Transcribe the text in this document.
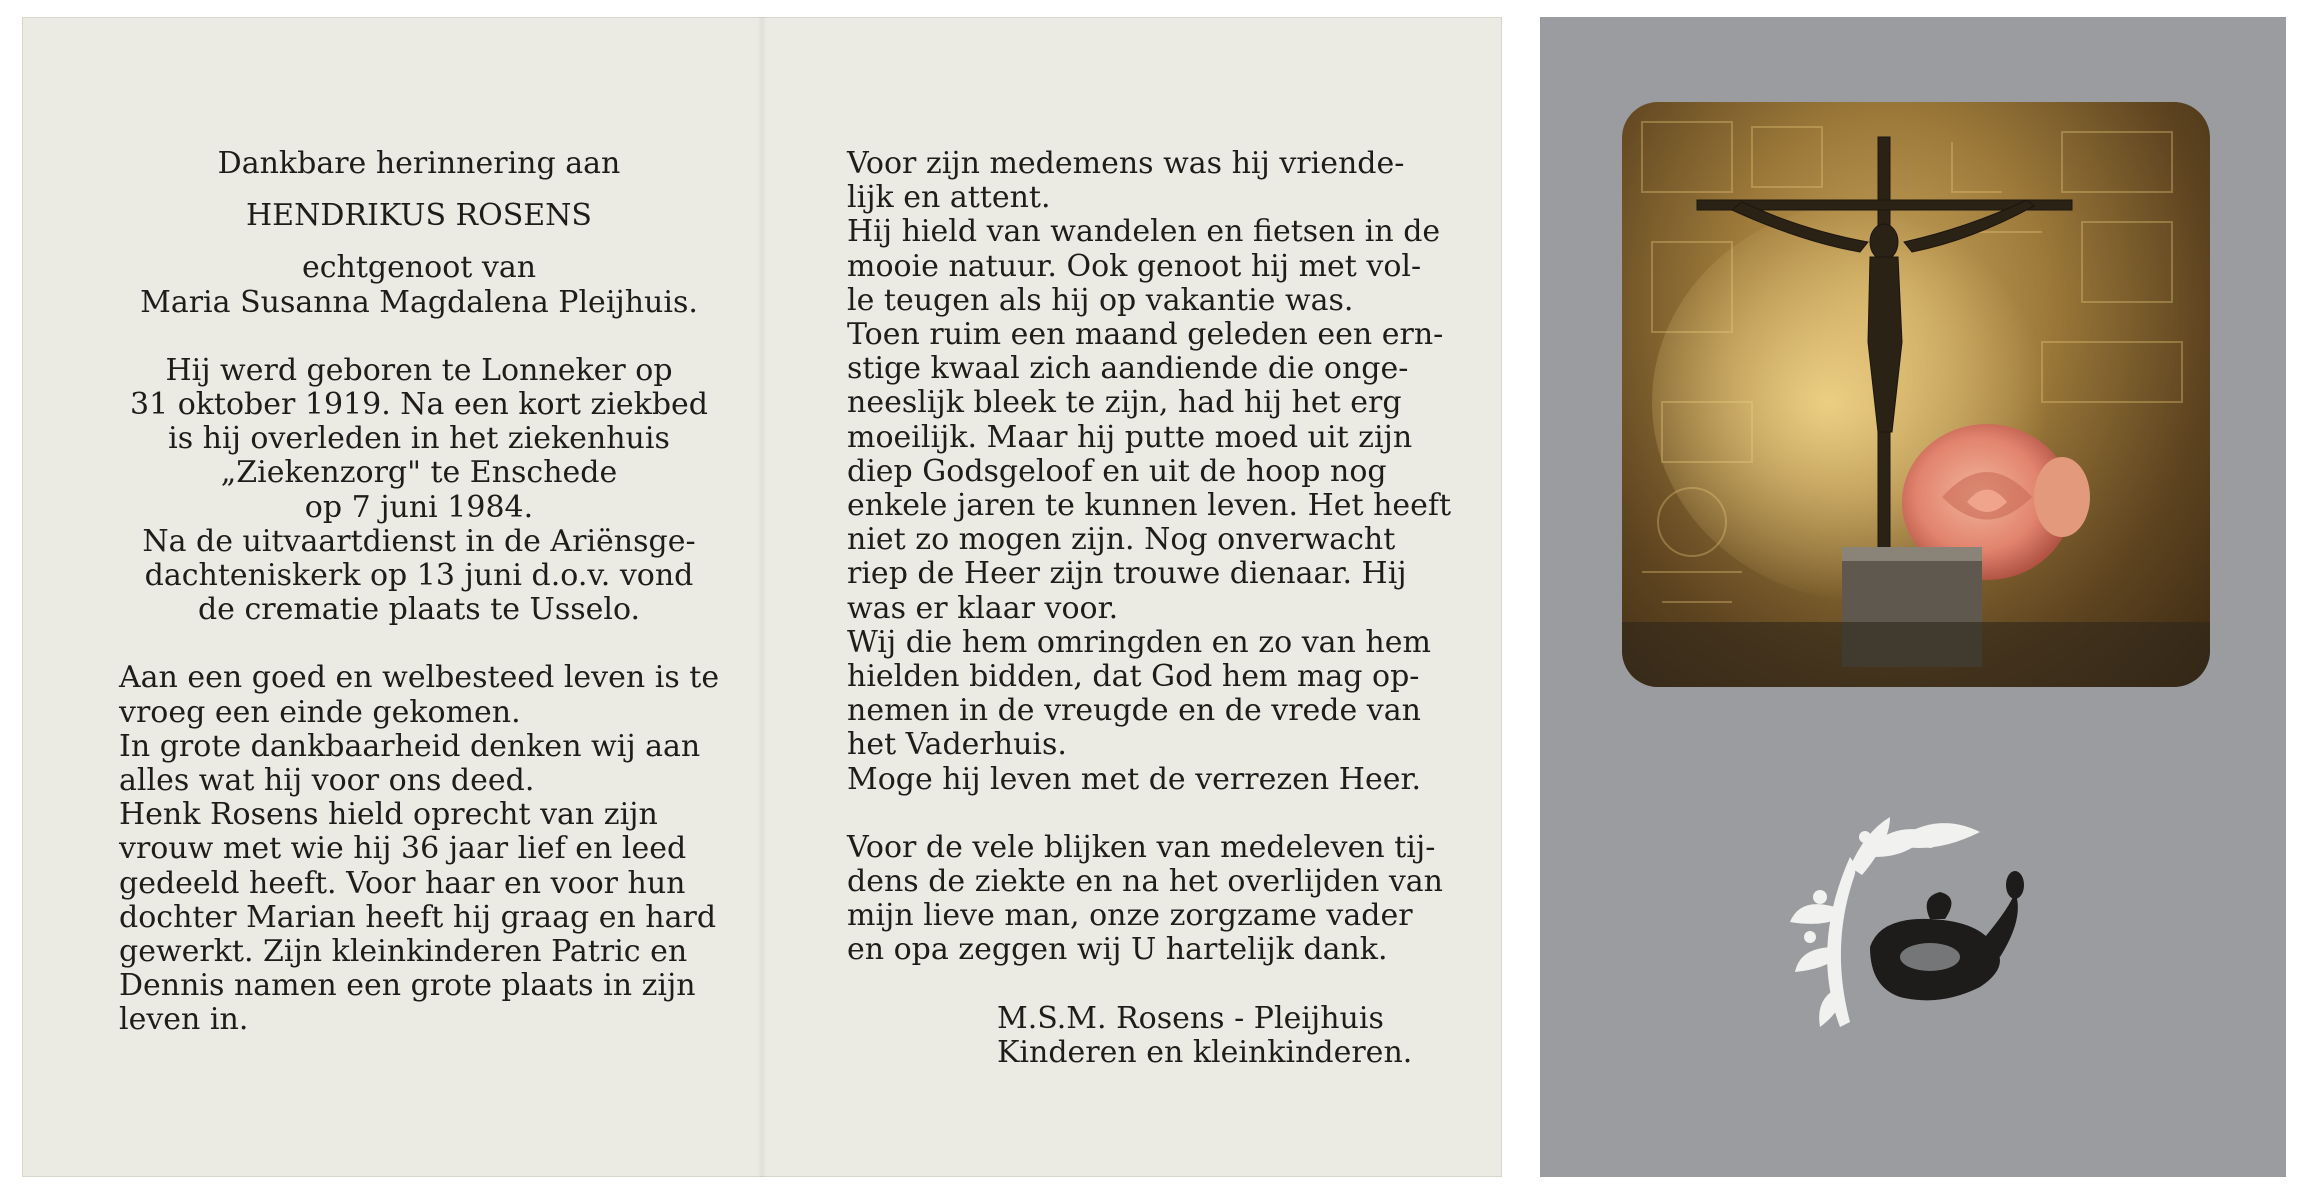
Dankbare herinnering aan
HENDRIKUS ROSENS
echtgenoot van
Maria Susanna Magdalena Pleijhuis.
Hij werd geboren te Lonneker op
31 oktober 1919. Na een kort ziekbed
is hij overleden in het ziekenhuis
„Ziekenzorg" te Enschede
op 7 juni 1984.
Na de uitvaartdienst in de Ariënsge-
dachteniskerk op 13 juni d.o.v. vond
de crematie plaats te Usselo.
Aan een goed en welbesteed leven is te
vroeg een einde gekomen.
In grote dankbaarheid denken wij aan
alles wat hij voor ons deed.
Henk Rosens hield oprecht van zijn
vrouw met wie hij 36 jaar lief en leed
gedeeld heeft. Voor haar en voor hun
dochter Marian heeft hij graag en hard
gewerkt. Zijn kleinkinderen Patric en
Dennis namen een grote plaats in zijn
leven in.
Voor zijn medemens was hij vriende-
lijk en attent.
Hij hield van wandelen en fietsen in de
mooie natuur. Ook genoot hij met vol-
le teugen als hij op vakantie was.
Toen ruim een maand geleden een ern-
stige kwaal zich aandiende die onge-
neeslijk bleek te zijn, had hij het erg
moeilijk. Maar hij putte moed uit zijn
diep Godsgeloof en uit de hoop nog
enkele jaren te kunnen leven. Het heeft
niet zo mogen zijn. Nog onverwacht
riep de Heer zijn trouwe dienaar. Hij
was er klaar voor.
Wij die hem omringden en zo van hem
hielden bidden, dat God hem mag op-
nemen in de vreugde en de vrede van
het Vaderhuis.
Moge hij leven met de verrezen Heer.
Voor de vele blijken van medeleven tij-
dens de ziekte en na het overlijden van
mijn lieve man, onze zorgzame vader
en opa zeggen wij U hartelijk dank.
M.S.M. Rosens - Pleijhuis
Kinderen en kleinkinderen.
